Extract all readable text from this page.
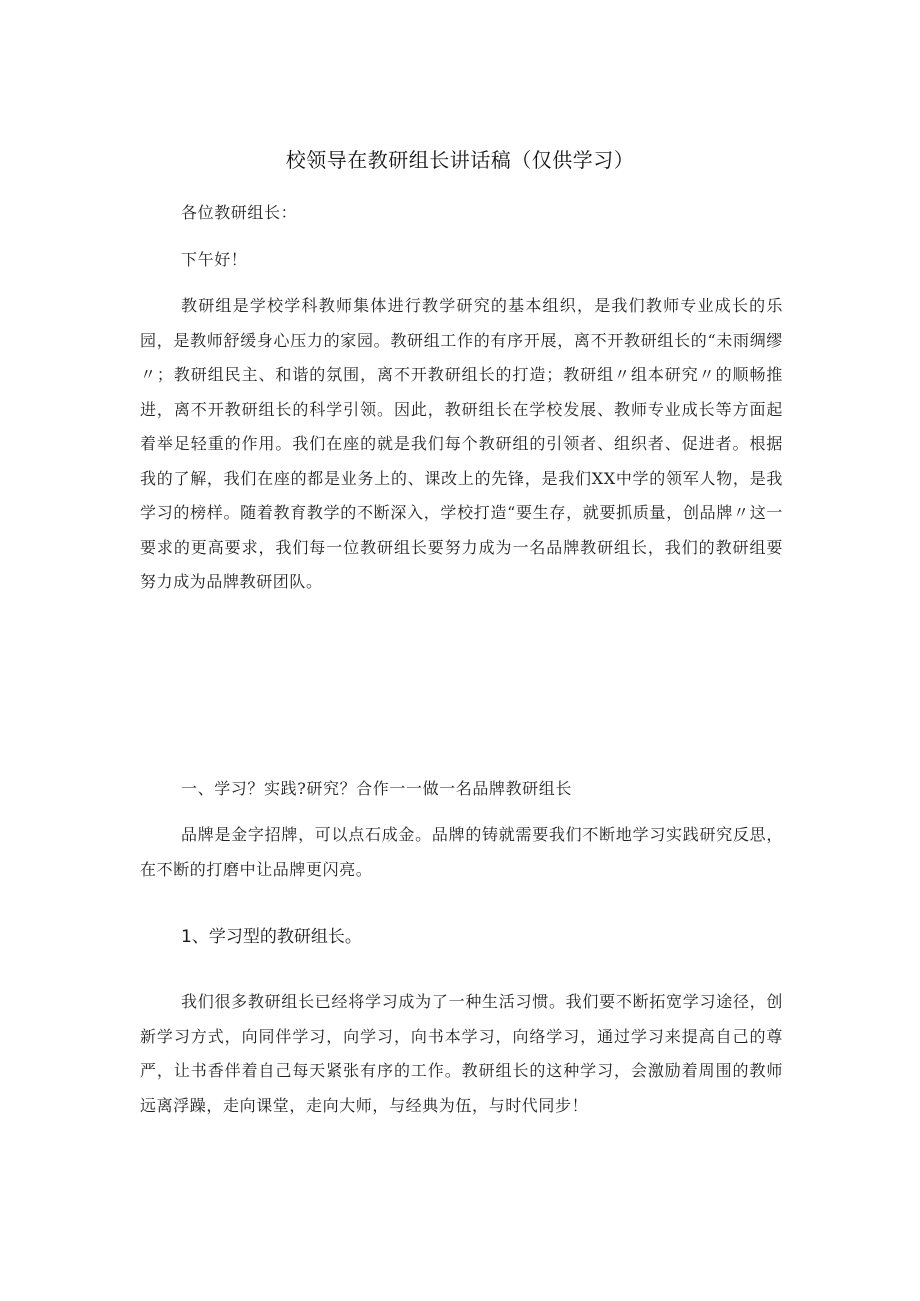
校领导在教研组长讲话稿（仅供学习）
各位教研组长：
下午好！
教研组是学校学科教师集体进行教学研究的基本组织，是我们教师专业成长的乐园，是教师舒缓身心压力的家园。教研组工作的有序开展，离不开教研组长的“未雨绸缪〃；教研组民主、和谐的氛围，离不开教研组长的打造；教研组〃组本研究〃的顺畅推进，离不开教研组长的科学引领。因此，教研组长在学校发展、教师专业成长等方面起着举足轻重的作用。我们在座的就是我们每个教研组的引领者、组织者、促进者。根据我的了解，我们在座的都是业务上的、课改上的先锋，是我们XX中学的领军人物，是我学习的榜样。随着教育教学的不断深入，学校打造“要生存，就要抓质量，创品牌〃这一要求的更高要求，我们每一位教研组长要努力成为一名品牌教研组长，我们的教研组要努力成为品牌教研团队。
一、学习？实践?研究？合作一一做一名品牌教研组长
品牌是金字招牌，可以点石成金。品牌的铸就需要我们不断地学习实践研究反思，在不断的打磨中让品牌更闪亮。
1、学习型的教研组长。
我们很多教研组长已经将学习成为了一种生活习惯。我们要不断拓宽学习途径，创新学习方式，向同伴学习，向学习，向书本学习，向络学习，通过学习来提高自己的尊严，让书香伴着自己每天紧张有序的工作。教研组长的这种学习，会激励着周围的教师远离浮躁，走向课堂，走向大师，与经典为伍，与时代同步！
